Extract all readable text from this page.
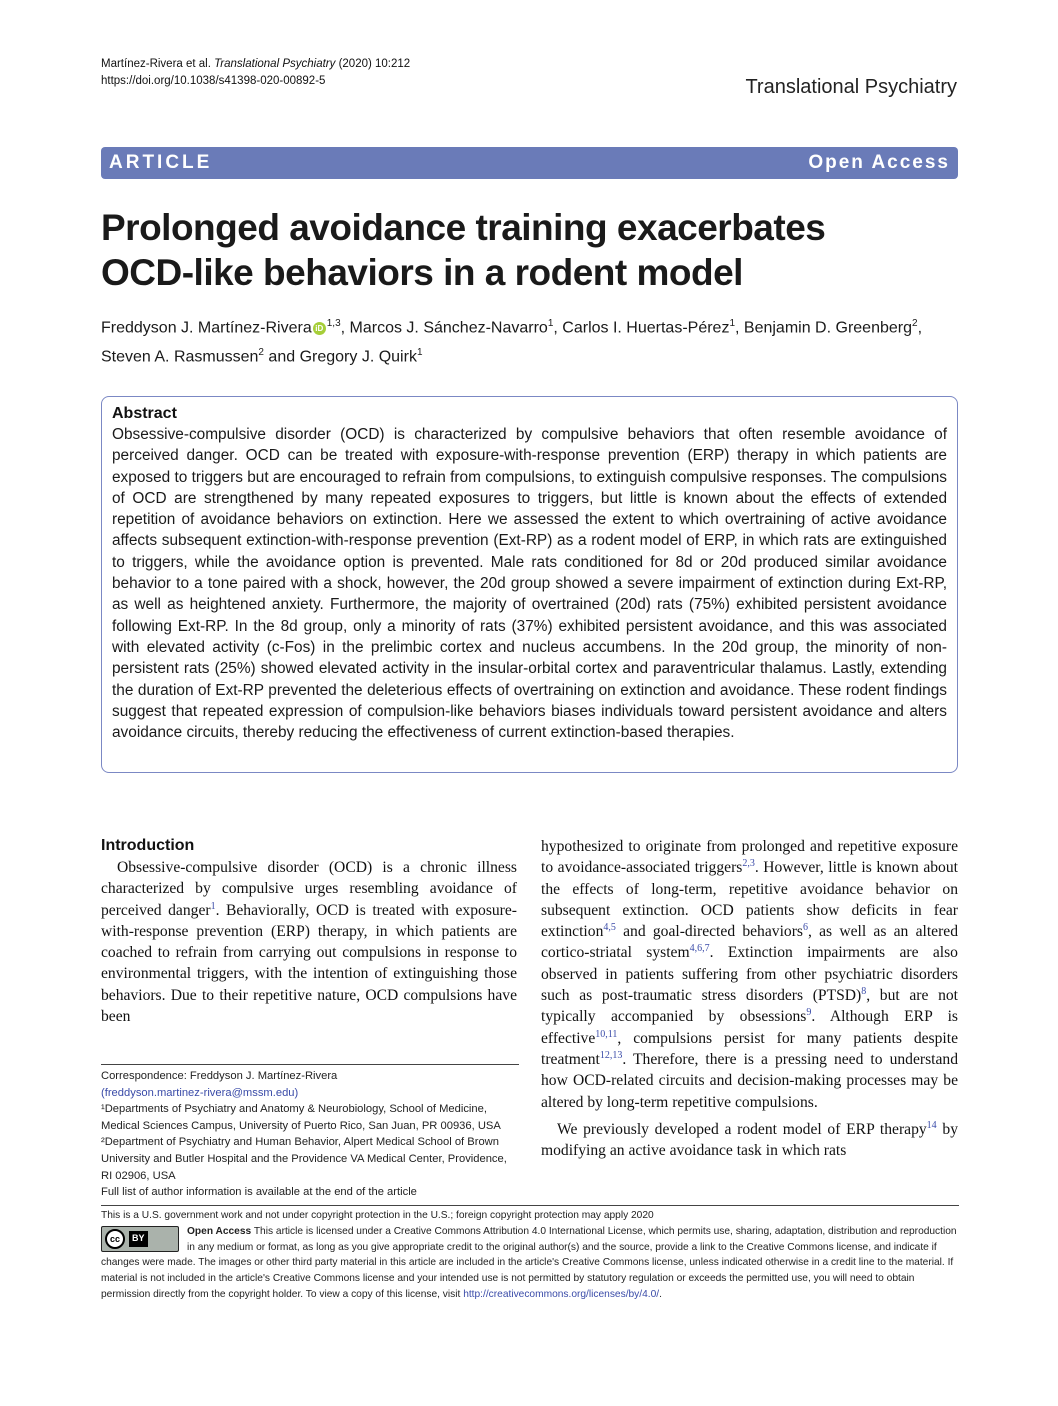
Martínez-Rivera et al. Translational Psychiatry (2020) 10:212
https://doi.org/10.1038/s41398-020-00892-5	Translational Psychiatry
ARTICLE	Open Access
Prolonged avoidance training exacerbates
OCD-like behaviors in a rodent model
Freddyson J. Martínez-Rivera iD $^{1,3}$, Marcos J. Sánchez-Navarro$^1$, Carlos I. Huertas-Pérez$^1$, Benjamin D. Greenberg$^2$,
Steven A. Rasmussen$^2$ and Gregory J. Quirk$^1$
Abstract

Obsessive-compulsive disorder (OCD) is characterized by compulsive behaviors that often resemble avoidance of perceived danger. OCD can be treated with exposure-with-response prevention (ERP) therapy in which patients are exposed to triggers but are encouraged to refrain from compulsions, to extinguish compulsive responses. The compulsions of OCD are strengthened by many repeated exposures to triggers, but little is known about the effects of extended repetition of avoidance behaviors on extinction. Here we assessed the extent to which overtraining of active avoidance affects subsequent extinction-with-response prevention (Ext-RP) as a rodent model of ERP, in which rats are extinguished to triggers, while the avoidance option is prevented. Male rats conditioned for 8d or 20d produced similar avoidance behavior to a tone paired with a shock, however, the 20d group showed a severe impairment of extinction during Ext-RP, as well as heightened anxiety. Furthermore, the majority of overtrained (20d) rats (75%) exhibited persistent avoidance following Ext-RP. In the 8d group, only a minority of rats (37%) exhibited persistent avoidance, and this was associated with elevated activity (c-Fos) in the prelimbic cortex and nucleus accumbens. In the 20d group, the minority of non-persistent rats (25%) showed elevated activity in the insular-orbital cortex and paraventricular thalamus. Lastly, extending the duration of Ext-RP prevented the deleterious effects of overtraining on extinction and avoidance. These rodent findings suggest that repeated expression of compulsion-like behaviors biases individuals toward persistent avoidance and alters avoidance circuits, thereby reducing the effectiveness of current extinction-based therapies.

Introduction

Obsessive-compulsive disorder (OCD) is a chronic illness characterized by compulsive urges resembling avoidance of perceived danger$^1$. Behaviorally, OCD is treated with exposure-with-response prevention (ERP) therapy, in which patients are coached to refrain from carrying out compulsions in response to environmental triggers, with the intention of extinguishing those behaviors. Due to their repetitive nature, OCD compulsions have been

hypothesized to originate from prolonged and repetitive exposure to avoidance-associated triggers$^{2,3}$. However, little is known about the effects of long-term, repetitive avoidance behavior on subsequent extinction. OCD patients show deficits in fear extinction$^{4,5}$ and goal-directed behaviors$^6$, as well as an altered cortico-striatal system$^{4,6,7}$. Extinction impairments are also observed in patients suffering from other psychiatric disorders such as post-traumatic stress disorders (PTSD)$^8$, but are not typically accompanied by obsessions$^9$. Although ERP is effective$^{10,11}$, compulsions persist for many patients despite treatment$^{12,13}$. Therefore, there is a pressing need to understand how OCD-related circuits and decision-making processes may be altered by long-term repetitive compulsions.

We previously developed a rodent model of ERP therapy$^{14}$ by modifying an active avoidance task in which rats

Correspondence: Freddyson J. Martínez-Rivera
(freddyson.martinez-rivera@mssm.edu)
¹Departments of Psychiatry and Anatomy & Neurobiology, School of Medicine, Medical Sciences Campus, University of Puerto Rico, San Juan, PR 00936, USA
²Department of Psychiatry and Human Behavior, Alpert Medical School of Brown University and Butler Hospital and the Providence VA Medical Center, Providence, RI 02906, USA
Full list of author information is available at the end of the article
This is a U.S. government work and not under copyright protection in the U.S.; foreign copyright protection may apply 2020
cc	BY
Open Access This article is licensed under a Creative Commons Attribution 4.0 International License, which permits use, sharing, adaptation, distribution and reproduction in any medium or format, as long as you give appropriate credit to the original author(s) and the source, provide a link to the Creative Commons license, and indicate if changes were made. The images or other third party material in this article are included in the article's Creative Commons license, unless indicated otherwise in a credit line to the material. If material is not included in the article's Creative Commons license and your intended use is not permitted by statutory regulation or exceeds the permitted use, you will need to obtain permission directly from the copyright holder. To view a copy of this license, visit http://creativecommons.org/licenses/by/4.0/.
